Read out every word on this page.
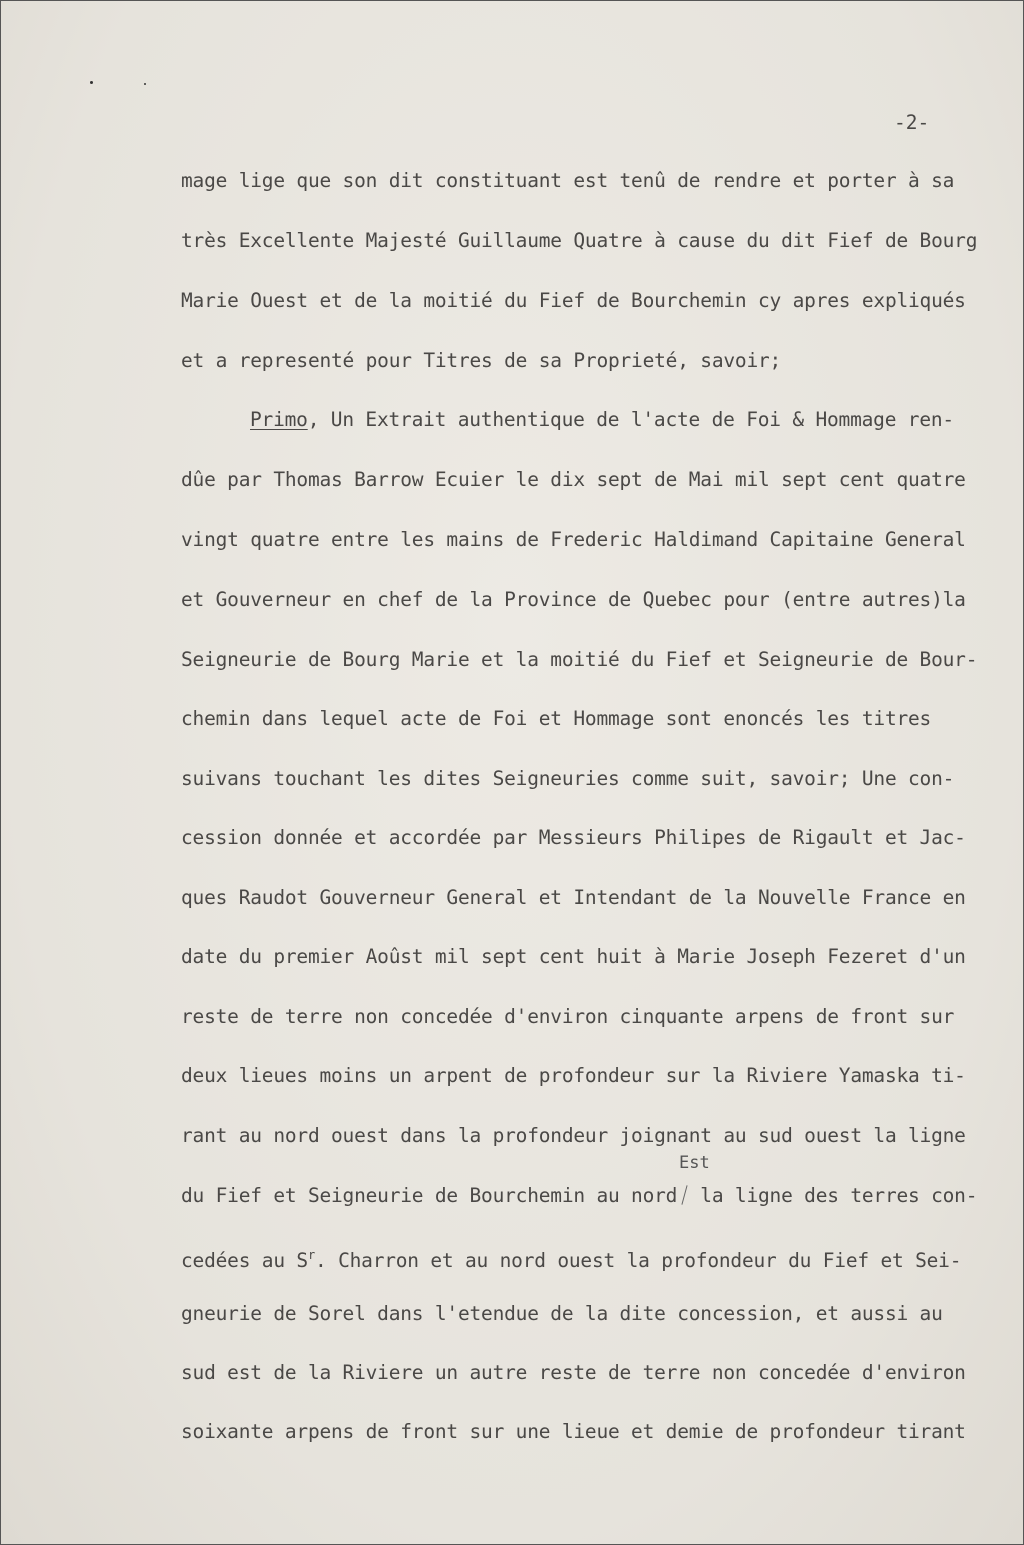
-2-
mage lige que son dit constituant est tenû de rendre et porter à sa
très Excellente Majesté Guillaume Quatre à cause du dit Fief de Bourg
Marie Ouest et de la moitié du Fief de Bourchemin cy apres expliqués
et a representé pour Titres de sa Proprieté, savoir;
Primo, Un Extrait authentique de l'acte de Foi & Hommage ren-
dûe par Thomas Barrow Ecuier le dix sept de Mai mil sept cent quatre
vingt quatre entre les mains de Frederic Haldimand Capitaine General
et Gouverneur en chef de la Province de Quebec pour (entre autres)la
Seigneurie de Bourg Marie et la moitié du Fief et Seigneurie de Bour-
chemin dans lequel acte de Foi et Hommage sont enoncés les titres
suivans touchant les dites Seigneuries comme suit, savoir; Une con-
cession donnée et accordée par Messieurs Philipes de Rigault et Jac-
ques Raudot Gouverneur General et Intendant de la Nouvelle France en
date du premier Aoûst mil sept cent huit à Marie Joseph Fezeret d'un
reste de terre non concedée d'environ cinquante arpens de front sur
deux lieues moins un arpent de profondeur sur la Riviere Yamaska ti-
rant au nord ouest dans la profondeur joignant au sud ouest la ligne
Est
du Fief et Seigneurie de Bourchemin au nord  la ligne des terres con-
cedées au $S^r$. Charron et au nord ouest la profondeur du Fief et Sei-
gneurie de Sorel dans l'etendue de la dite concession, et aussi au
sud est de la Riviere un autre reste de terre non concedée d'environ
soixante arpens de front sur une lieue et demie de profondeur tirant
